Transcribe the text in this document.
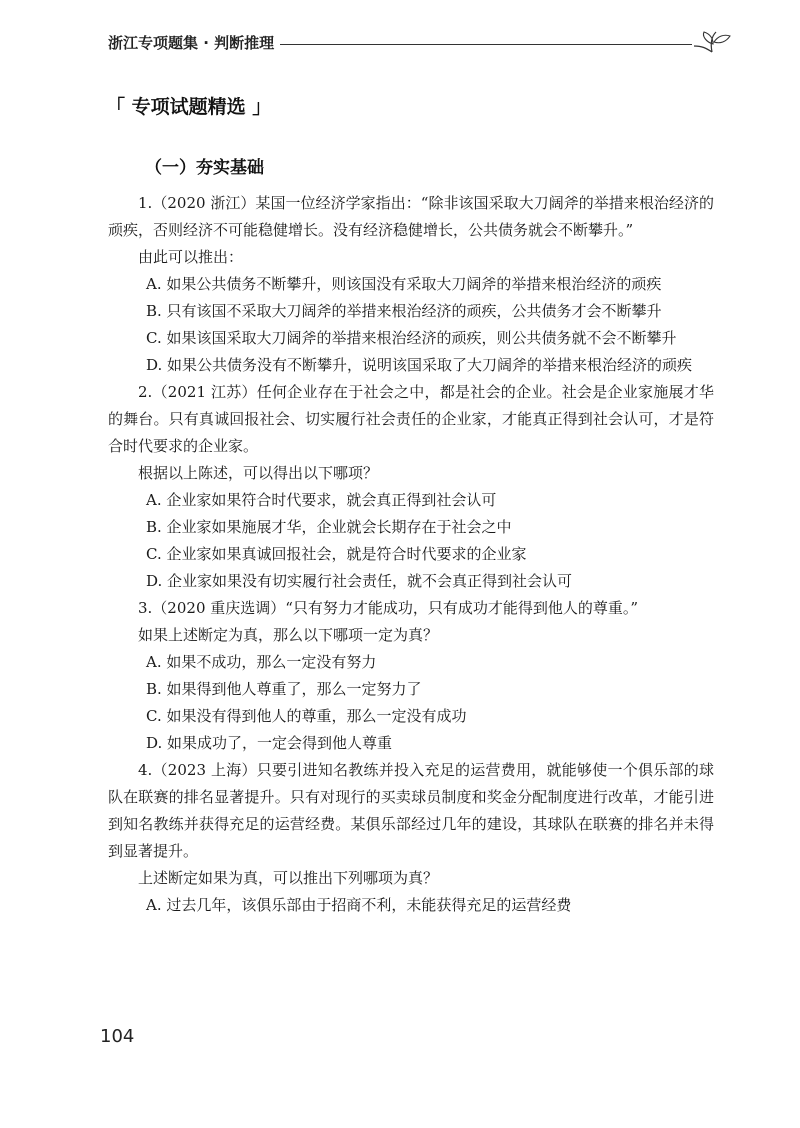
浙江专项题集 · 判断推理
「 专项试题精选 」
（一）夯实基础

1.（2020 浙江）某国一位经济学家指出：“除非该国采取大刀阔斧的举措来根治经济的顽疾，否则经济不可能稳健增长。没有经济稳健增长，公共债务就会不断攀升。”

由此可以推出：

A. 如果公共债务不断攀升，则该国没有采取大刀阔斧的举措来根治经济的顽疾

B. 只有该国不采取大刀阔斧的举措来根治经济的顽疾，公共债务才会不断攀升

C. 如果该国采取大刀阔斧的举措来根治经济的顽疾，则公共债务就不会不断攀升

D. 如果公共债务没有不断攀升，说明该国采取了大刀阔斧的举措来根治经济的顽疾

2.（2021 江苏）任何企业存在于社会之中，都是社会的企业。社会是企业家施展才华的舞台。只有真诚回报社会、切实履行社会责任的企业家，才能真正得到社会认可，才是符合时代要求的企业家。

根据以上陈述，可以得出以下哪项？

A. 企业家如果符合时代要求，就会真正得到社会认可

B. 企业家如果施展才华，企业就会长期存在于社会之中

C. 企业家如果真诚回报社会，就是符合时代要求的企业家

D. 企业家如果没有切实履行社会责任，就不会真正得到社会认可

3.（2020 重庆选调）“只有努力才能成功，只有成功才能得到他人的尊重。”

如果上述断定为真，那么以下哪项一定为真？

A. 如果不成功，那么一定没有努力

B. 如果得到他人尊重了，那么一定努力了

C. 如果没有得到他人的尊重，那么一定没有成功

D. 如果成功了，一定会得到他人尊重

4.（2023 上海）只要引进知名教练并投入充足的运营费用，就能够使一个俱乐部的球队在联赛的排名显著提升。只有对现行的买卖球员制度和奖金分配制度进行改革，才能引进到知名教练并获得充足的运营经费。某俱乐部经过几年的建设，其球队在联赛的排名并未得到显著提升。

上述断定如果为真，可以推出下列哪项为真？

A. 过去几年，该俱乐部由于招商不利，未能获得充足的运营经费

104
